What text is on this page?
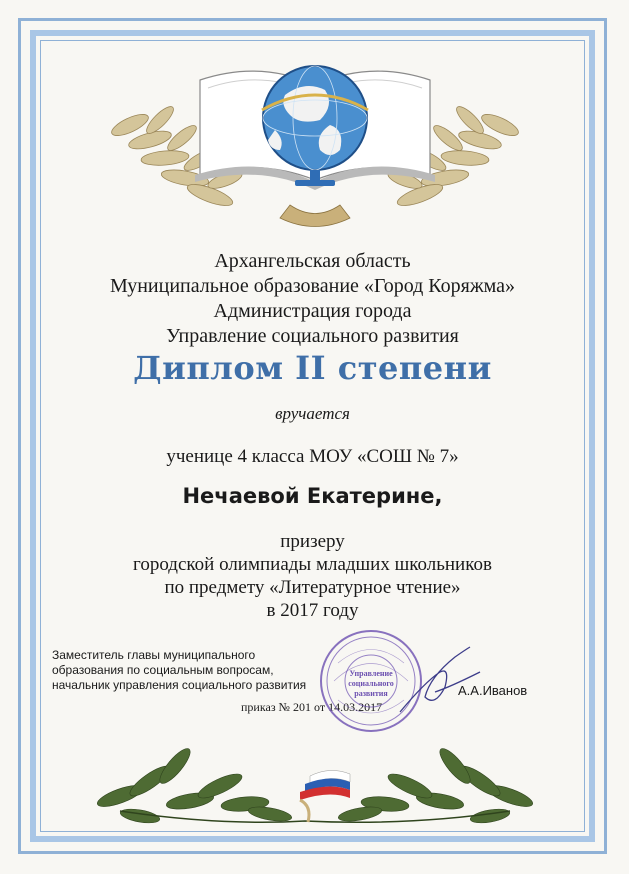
Архангельская область
Муниципальное образование «Город Коряжма»
Администрация города
Управление социального развития
Диплом II степени
вручается
ученице 4 класса МОУ «СОШ № 7»
Нечаевой Екатерине,
призеру
городской олимпиады младших школьников
по предмету «Литературное чтение»
в 2017 году
Заместитель главы муниципального
образования по социальным вопросам,
начальник управления социального развития
приказ № 201 от 14.03.2017
Управление
социального
развития	А.А.Иванов
